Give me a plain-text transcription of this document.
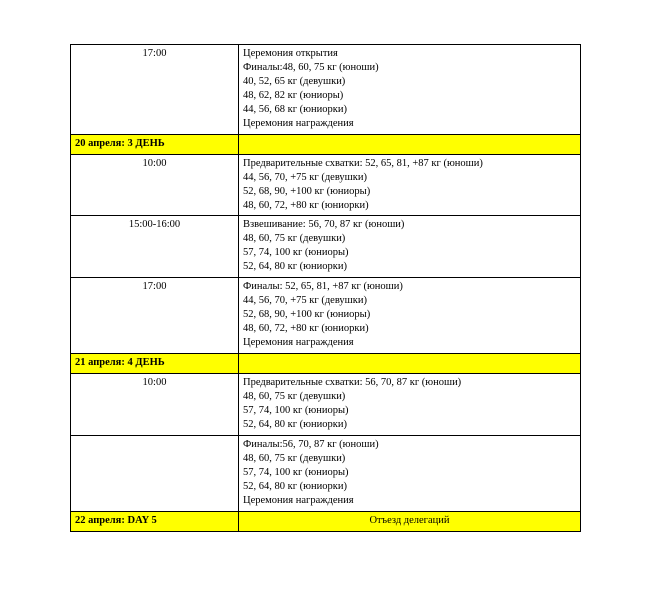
17:00	Церемония открытия

Финалы:48, 60, 75 кг (юноши)

40, 52, 65 кг (девушки)

48, 62, 82 кг (юниоры)

44, 56, 68 кг (юниорки)

Церемония награждения

20 апреля: 3 ДЕНЬ	
10:00	Предварительные схватки: 52, 65, 81, +87 кг (юноши)

44, 56, 70, +75 кг (девушки)

52, 68, 90, +100 кг (юниоры)

48, 60, 72, +80 кг (юниорки)

15:00-16:00	Взвешивание: 56, 70, 87 кг (юноши)

48, 60, 75 кг (девушки)

57, 74, 100 кг (юниоры)

52, 64, 80 кг (юниорки)

17:00	Финалы: 52, 65, 81, +87 кг (юноши)

44, 56, 70, +75 кг (девушки)

52, 68, 90, +100 кг (юниоры)

48, 60, 72, +80 кг (юниорки)

Церемония награждения

21 апреля: 4 ДЕНЬ	
10:00	Предварительные схватки: 56, 70, 87 кг (юноши)

48, 60, 75 кг (девушки)

57, 74, 100 кг (юниоры)

52, 64, 80 кг (юниорки)

	Финалы:56, 70, 87 кг (юноши)

48, 60, 75 кг (девушки)

57, 74, 100 кг (юниоры)

52, 64, 80 кг (юниорки)

Церемония награждения

22 апреля: DAY 5	Отъезд делегаций
